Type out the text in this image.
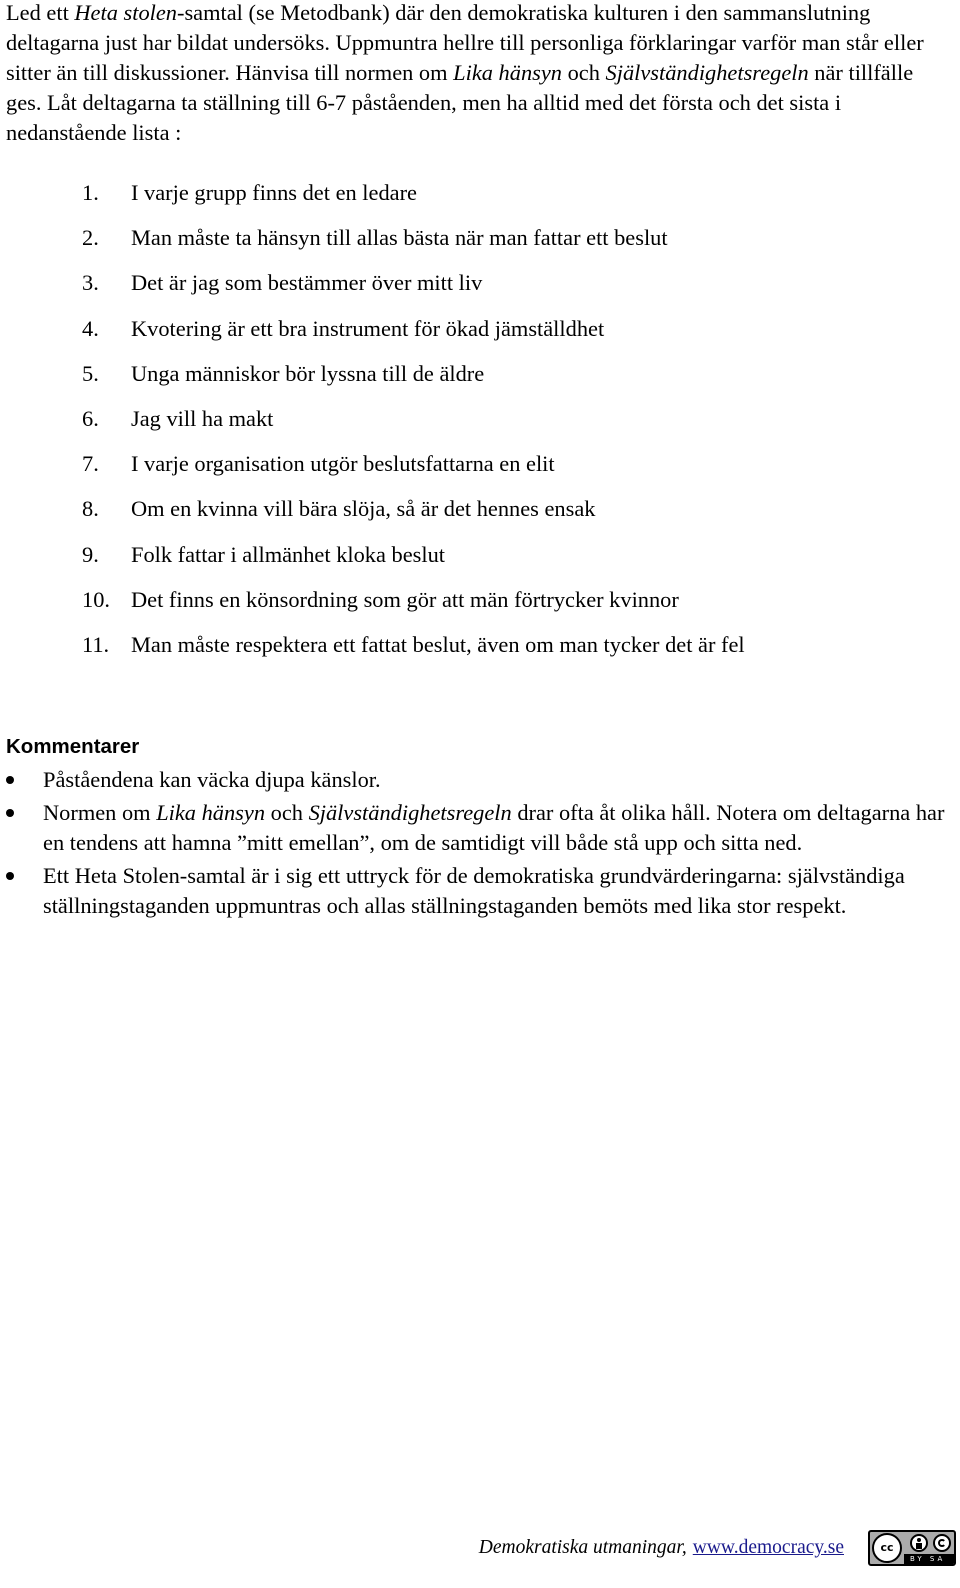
Led ett Heta stolen-samtal (se Metodbank) där den demokratiska kulturen i den sammanslutning deltagarna just har bildat undersöks. Uppmuntra hellre till personliga förklaringar varför man står eller sitter än till diskussioner. Hänvisa till normen om Lika hänsyn och Självständighetsregeln när tillfälle ges. Låt deltagarna ta ställning till 6-7 påståenden, men ha alltid med det första och det sista i nedanstående lista :

1.	I varje grupp finns det en ledare
2.	Man måste ta hänsyn till allas bästa när man fattar ett beslut
3.	Det är jag som bestämmer över mitt liv
4.	Kvotering är ett bra instrument för ökad jämställdhet
5.	Unga människor bör lyssna till de äldre
6.	Jag vill ha makt
7.	I varje organisation utgör beslutsfattarna en elit
8.	Om en kvinna vill bära slöja, så är det hennes ensak
9.	Folk fattar i allmänhet kloka beslut
10. Det finns en könsordning som gör att män förtrycker kvinnor
11. Man måste respektera ett fattat beslut, även om man tycker det är fel
Kommentarer
Påståendena kan väcka djupa känslor.
Normen om Lika hänsyn och Självständighetsregeln drar ofta åt olika håll. Notera om deltagarna har en tendens att hamna ”mitt emellan”, om de samtidigt vill både stå upp och sitta ned.
Ett Heta Stolen-samtal är i sig ett uttryck för de demokratiska grundvärderingarna: självständiga ställningstaganden uppmuntras och allas ställningstaganden bemöts med lika stor respekt.
Demokratiska utmaningar, www.democracy.se	cc
BY SA
